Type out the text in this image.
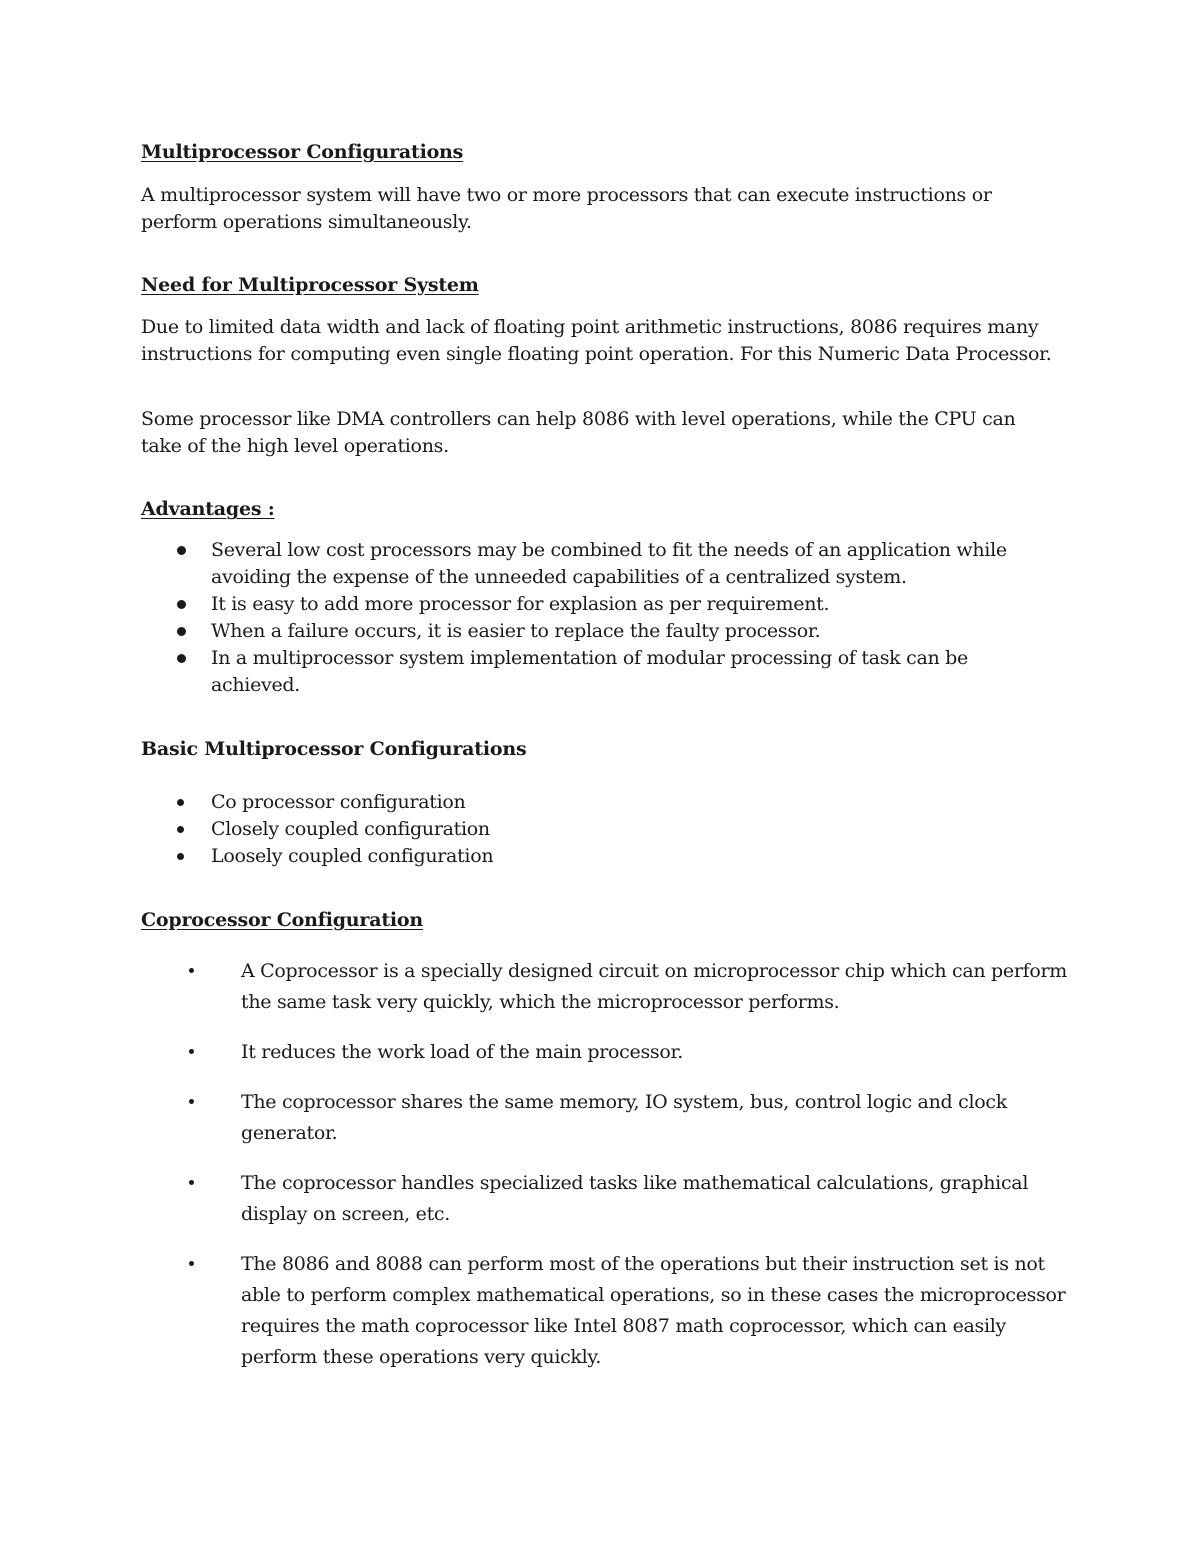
Multiprocessor Configurations

A multiprocessor system will have two or more processors that can execute instructions or perform operations simultaneously.

Need for Multiprocessor System

Due to limited data width and lack of floating point arithmetic instructions, 8086 requires many instructions for computing even single floating point operation. For this Numeric Data Processor.

Some processor like DMA controllers can help 8086 with level operations, while the CPU can take of the high level operations.

Advantages :

Several low cost processors may be combined to fit the needs of an application while avoiding the expense of the unneeded capabilities of a centralized system.
It is easy to add more processor for explasion as per requirement.
When a failure occurs, it is easier to replace the faulty processor.
In a multiprocessor system implementation of modular processing of task can be achieved.

Basic Multiprocessor Configurations

Co processor configuration
Closely coupled configuration
Loosely coupled configuration

Coprocessor Configuration

A Coprocessor is a specially designed circuit on microprocessor chip which can perform the same task very quickly, which the microprocessor performs.
It reduces the work load of the main processor.
The coprocessor shares the same memory, IO system, bus, control logic and clock generator.
The coprocessor handles specialized tasks like mathematical calculations, graphical display on screen, etc.
The 8086 and 8088 can perform most of the operations but their instruction set is not able to perform complex mathematical operations, so in these cases the microprocessor requires the math coprocessor like Intel 8087 math coprocessor, which can easily perform these operations very quickly.
